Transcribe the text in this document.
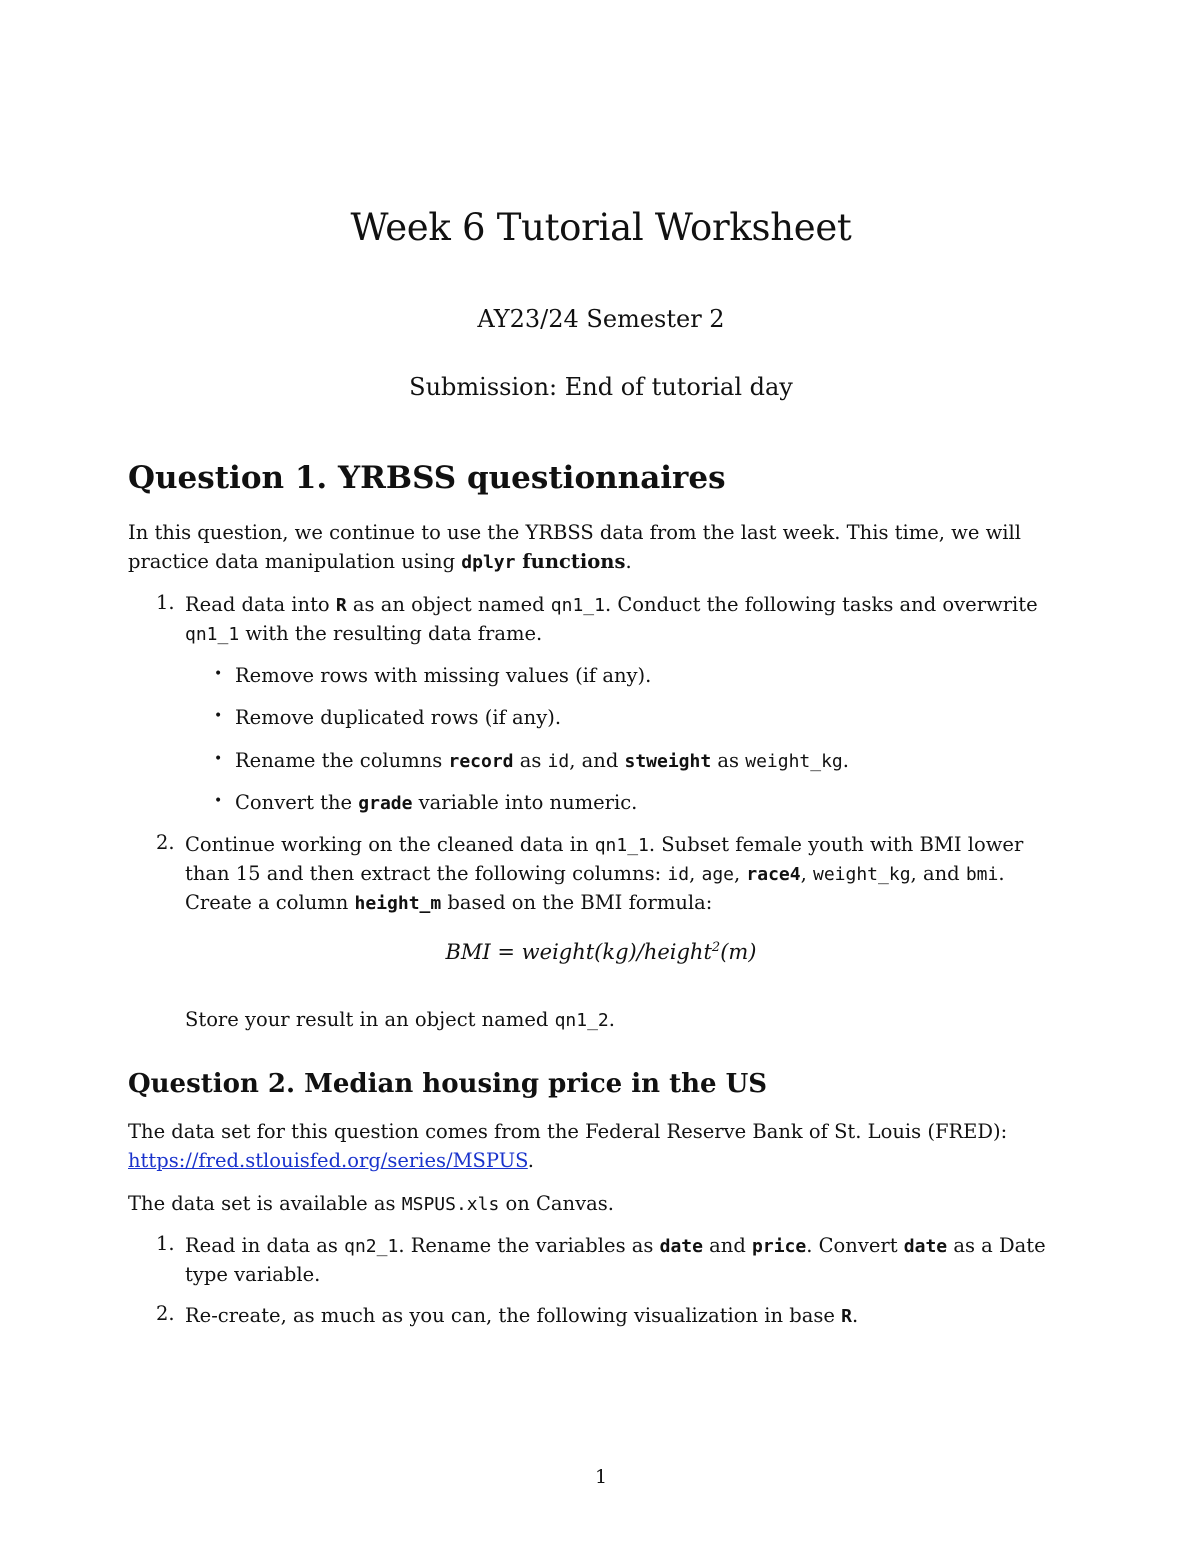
Week 6 Tutorial Worksheet

AY23/24 Semester 2

Submission: End of tutorial day

Question 1. YRBSS questionnaires

In this question, we continue to use the YRBSS data from the last week. This time, we will

practice data manipulation using dplyr functions.

1. Read data into R as an object named qn1_1. Conduct the following tasks and overwrite

qn1_1 with the resulting data frame.

• Remove rows with missing values (if any).
• Remove duplicated rows (if any).
• Rename the columns record as id, and stweight as weight_kg.
• Convert the grade variable into numeric.
2. Continue working on the cleaned data in qn1_1. Subset female youth with BMI lower

than 15 and then extract the following columns: id, age, race4, weight_kg, and bmi.

Create a column height_m based on the BMI formula:

BMI = weight(kg)/height$^2$(m)

Store your result in an object named qn1_2.

Question 2. Median housing price in the US

The data set for this question comes from the Federal Reserve Bank of St. Louis (FRED):

https://fred.stlouisfed.org/series/MSPUS.

The data set is available as MSPUS.xls on Canvas.

1. Read in data as qn2_1. Rename the variables as date and price. Convert date as a Date

type variable.

2. Re-create, as much as you can, the following visualization in base R.

1
